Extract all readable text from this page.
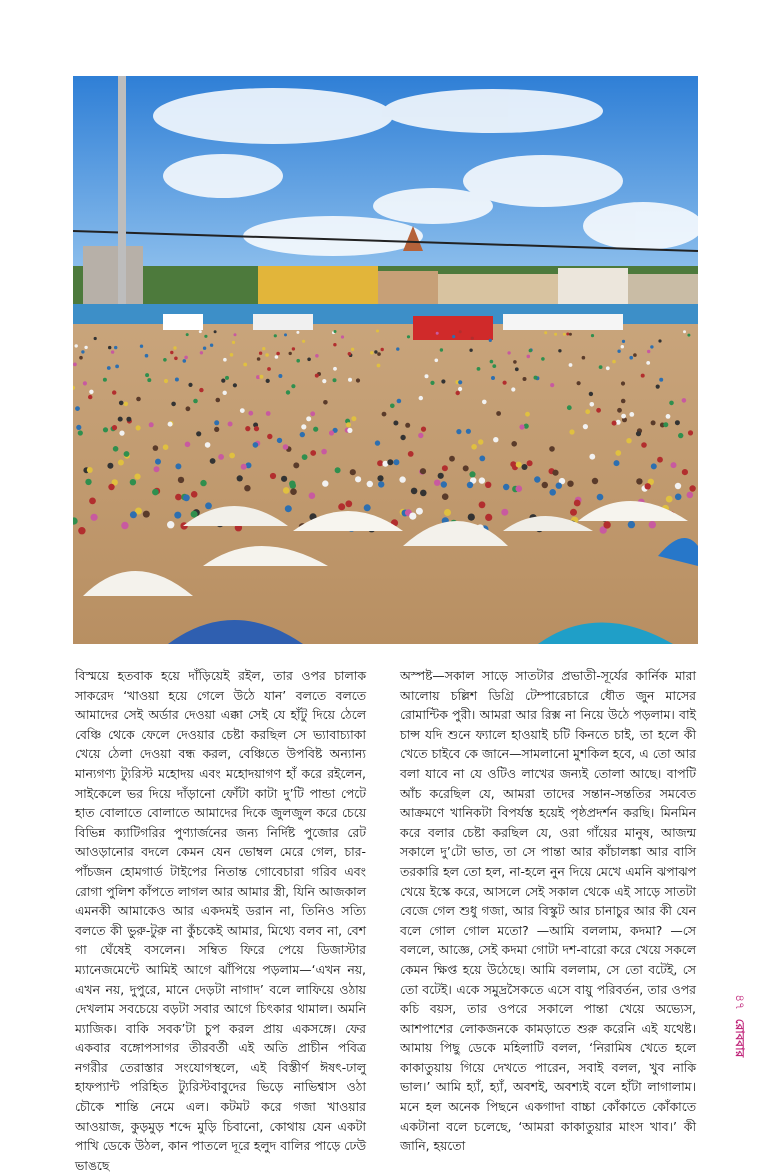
বিস্ময়ে হতবাক হয়ে দাঁড়িয়েই রইল, তার ওপর চালাক সাকরেদ ‘খাওয়া হয়ে গেলে উঠে যান’ বলতে বলতে আমাদের সেই অর্ডার দেওয়া এক্কা সেই যে হাঁটু দিয়ে ঠেলে বেঞ্চি থেকে ফেলে দেওয়ার চেষ্টা করছিল সে ভ্যাবাচ্যাকা খেয়ে ঠেলা দেওয়া বন্ধ করল, বেঞ্চিতে উপবিষ্ট অন্যান্য মান্যগণ্য ট্যুরিস্ট মহোদয় এবং মহোদয়াগণ হাঁ করে রইলেন, সাইকেলে ভর দিয়ে দাঁড়ানো ফোঁটা কাটা দু’টি পান্ডা পেটে হাত বোলাতে বোলাতে আমাদের দিকে জুলজুল করে চেয়ে বিভিন্ন ক্যাটিগরির পুণ্যার্জনের জন্য নির্দিষ্ট পুজোর রেট আওড়ানোর বদলে কেমন যেন ভোম্বল মেরে গেল, চার-পাঁচজন হোমগার্ড টাইপের নিতান্ত গোবেচারা গরিব এবং রোগা পুলিশ কাঁপতে লাগল আর আমার স্ত্রী, যিনি আজকাল এমনকী আমাকেও আর একদমই ডরান না, তিনিও সত্যি বলতে কী ভুরু-টুরু না কুঁচকেই আমার, মিথ্যে বলব না, বেশ গা ঘেঁষেই বসলেন। সম্বিত ফিরে পেয়ে ডিজাস্টার ম্যানেজমেন্টে আমিই আগে ঝাঁপিয়ে পড়লাম—‘এখন নয়, এখন নয়, দুপুরে, মানে দেড়টা নাগাদ’ বলে লাফিয়ে ওঠায় দেখলাম সবচেয়ে বড়টা সবার আগে চিৎকার থামাল। অমনি ম্যাজিক। বাকি সবক’টা চুপ করল প্রায় একসঙ্গে। ফের একবার বঙ্গোপসাগর তীরবর্তী এই অতি প্রাচীন পবিত্র নগরীর তেরাস্তার সংযোগস্থলে, এই বিস্তীর্ণ ঈষৎ-ঢালু হাফপ্যান্ট পরিহিত ট্যুরিস্টবাবুদের ভিড়ে নাভিশ্বাস ওঠা চৌকে শান্তি নেমে এল। কটমট করে গজা খাওয়ার আওয়াজ, কুড়মুড় শব্দে মুড়ি চিবানো, কোথায় যেন একটা পাখি ডেকে উঠল, কান পাতলে দূরে হলুদ বালির পাড়ে ঢেউ ভাঙছে

অস্পষ্ট—সকাল সাড়ে সাতটার প্রভাতী-সূর্যের কার্নিক মারা আলোয় চল্লিশ ডিগ্রি টেম্পারেচারে ধৌত জুন মাসের রোমান্টিক পুরী। আমরা আর রিক্স না নিয়ে উঠে পড়লাম। বাই চান্স যদি শুনে ফ্যালে হাওয়াই চটি কিনতে চাই, তা হলে কী খেতে চাইবে কে জানে—সামলানো মুশকিল হবে, এ তো আর বলা যাবে না যে ওটিও লাখের জন্যই তোলা আছে। বাপটি আঁচ করেছিল যে, আমরা তাদের সন্তান-সন্ততির সমবেত আক্রমণে খানিকটা বিপর্যস্ত হয়েই পৃষ্ঠপ্রদর্শন করছি। মিনমিন করে বলার চেষ্টা করছিল যে, ওরা গাঁয়ের মানুষ, আজন্ম সকালে দু’টো ভাত, তা সে পান্তা আর কাঁচালঙ্কা আর বাসি তরকারি হল তো হল, না-হলে নুন দিয়ে মেখে এমনি ঝপাঝপ খেয়ে ইস্কে করে, আসলে সেই সকাল থেকে এই সাড়ে সাতটা বেজে গেল শুধু গজা, আর বিস্কুট আর চানাচুর আর কী যেন বলে গোল গোল মতো? —আমি বললাম, কদমা? —সে বললে, আজ্ঞে, সেই কদমা গোটা দশ-বারো করে খেয়ে সকলে কেমন ক্ষিপ্ত হয়ে উঠেছে। আমি বললাম, সে তো বটেই, সে তো বটেই। একে সমুদ্রসৈকতে এসে বায়ু পরিবর্তন, তার ওপর কচি বয়স, তার ওপরে সকালে পান্তা খেয়ে অভ্যেস, আশপাশের লোকজনকে কামড়াতে শুরু করেনি এই যথেষ্ট। আমায় পিছু ডেকে মহিলাটি বলল, ‘নিরামিষ খেতে হলে কাকাতুয়ায় গিয়ে দেখতে পারেন, সবাই বলল, খুব নাকি ভাল।’ আমি হ্যাঁ, হ্যাঁ, অবশই, অবশ্যই বলে হাঁটা লাগালাম। মনে হল অনেক পিছনে একগাদা বাচ্চা কোঁকাতে কোঁকাতে একটানা বলে চলেছে, ‘আমরা কাকাতুয়ার মাংস খাব।’ কী জানি, হয়তো

৪৭
রোববার
